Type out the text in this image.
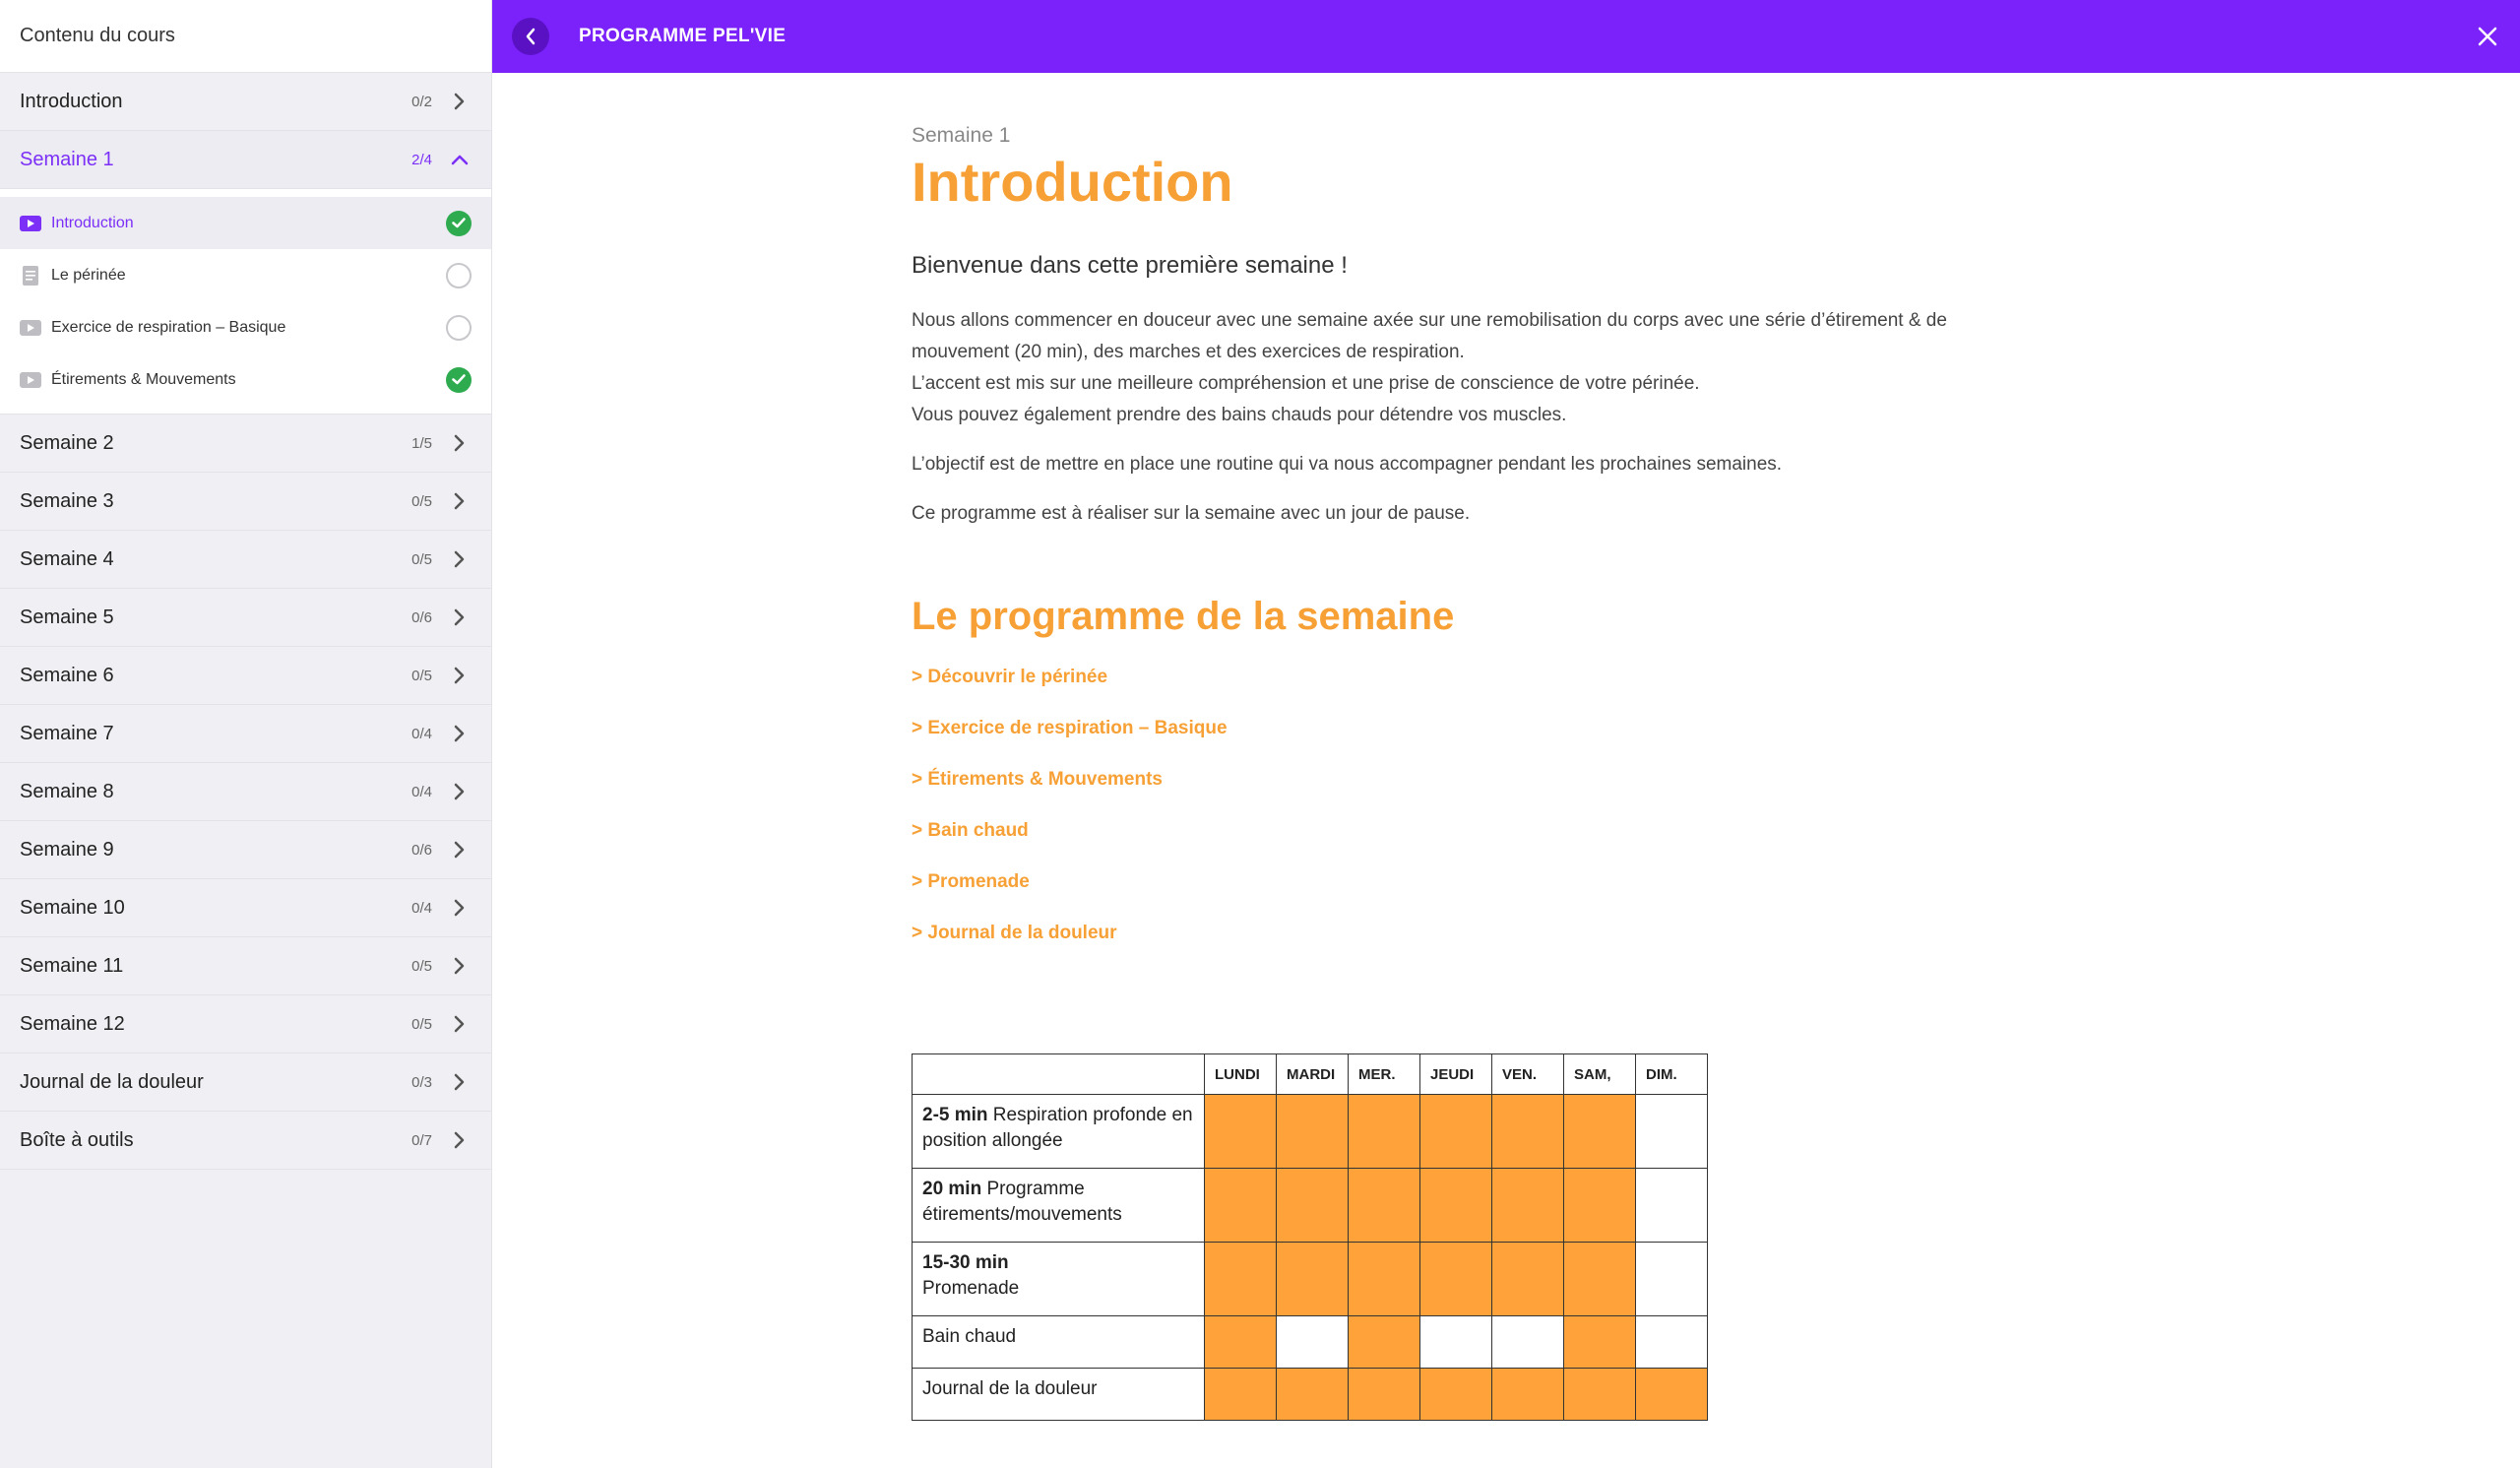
Contenu du cours
Introduction	0/2
Semaine 1	2/4
Introduction
Le périnée
Exercice de respiration – Basique
Étirements & Mouvements
Semaine 2	1/5
Semaine 3	0/5
Semaine 4	0/5
Semaine 5	0/6
Semaine 6	0/5
Semaine 7	0/4
Semaine 8	0/4
Semaine 9	0/6
Semaine 10	0/4
Semaine 11	0/5
Semaine 12	0/5
Journal de la douleur	0/3
Boîte à outils	0/7
PROGRAMME PEL'VIE
Semaine 1
Introduction
Bienvenue dans cette première semaine !
Nous allons commencer en douceur avec une semaine axée sur une remobilisation du corps avec une série d’étirement & de
mouvement (20 min), des marches et des exercices de respiration.
L’accent est mis sur une meilleure compréhension et une prise de conscience de votre périnée.
Vous pouvez également prendre des bains chauds pour détendre vos muscles.
L’objectif est de mettre en place une routine qui va nous accompagner pendant les prochaines semaines.
Ce programme est à réaliser sur la semaine avec un jour de pause.
Le programme de la semaine
> Découvrir le périnée
> Exercice de respiration – Basique
> Étirements & Mouvements
> Bain chaud
> Promenade
> Journal de la douleur
	LUNDI	MARDI	MER.	JEUDI	VEN.	SAM,	DIM.
2-5 min Respiration profonde en position allongée							
20 min Programme étirements/mouvements							
15-30 min
Promenade							
Bain chaud							
Journal de la douleur							
